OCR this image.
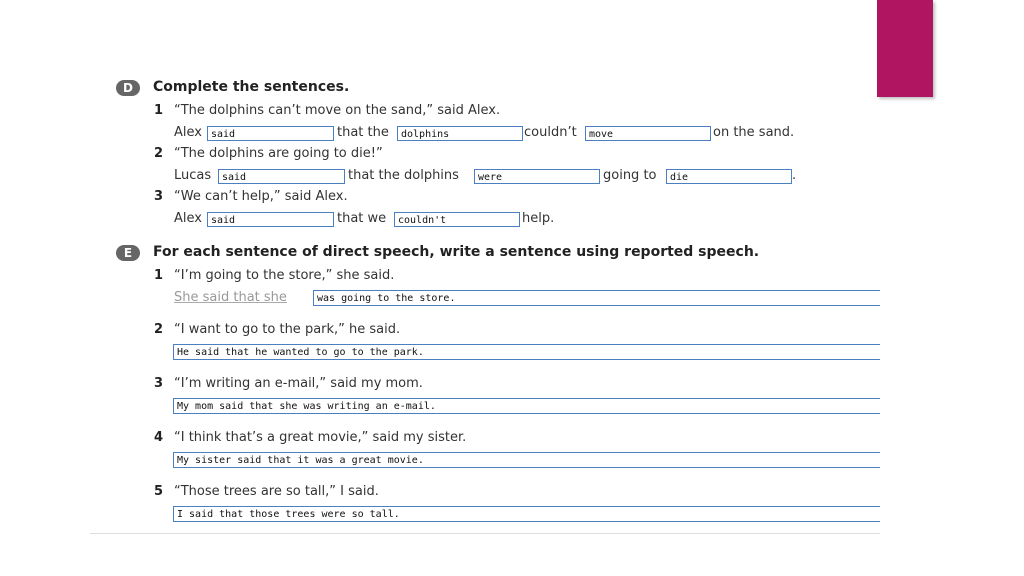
D	Complete the sentences.
1 “The dolphins can’t move on the sand,” said Alex.
Alex said	that the	dolphins	couldn’t	move	on the sand.
2 “The dolphins are going to die!”
Lucas	said	that the dolphins	were	going to	die	.
3 “We can’t help,” said Alex.
Alex said	that we	couldn't	help.
E	For each sentence of direct speech, write a sentence using reported speech.
1 “I’m going to the store,” she said.
She said that she	was going to the store.
2 “I want to go to the park,” he said.
He said that he wanted to go to the park.
3 “I’m writing an e-mail,” said my mom.
My mom said that she was writing an e-mail.
4 “I think that’s a great movie,” said my sister.
My sister said that it was a great movie.
5 “Those trees are so tall,” I said.
I said that those trees were so tall.
